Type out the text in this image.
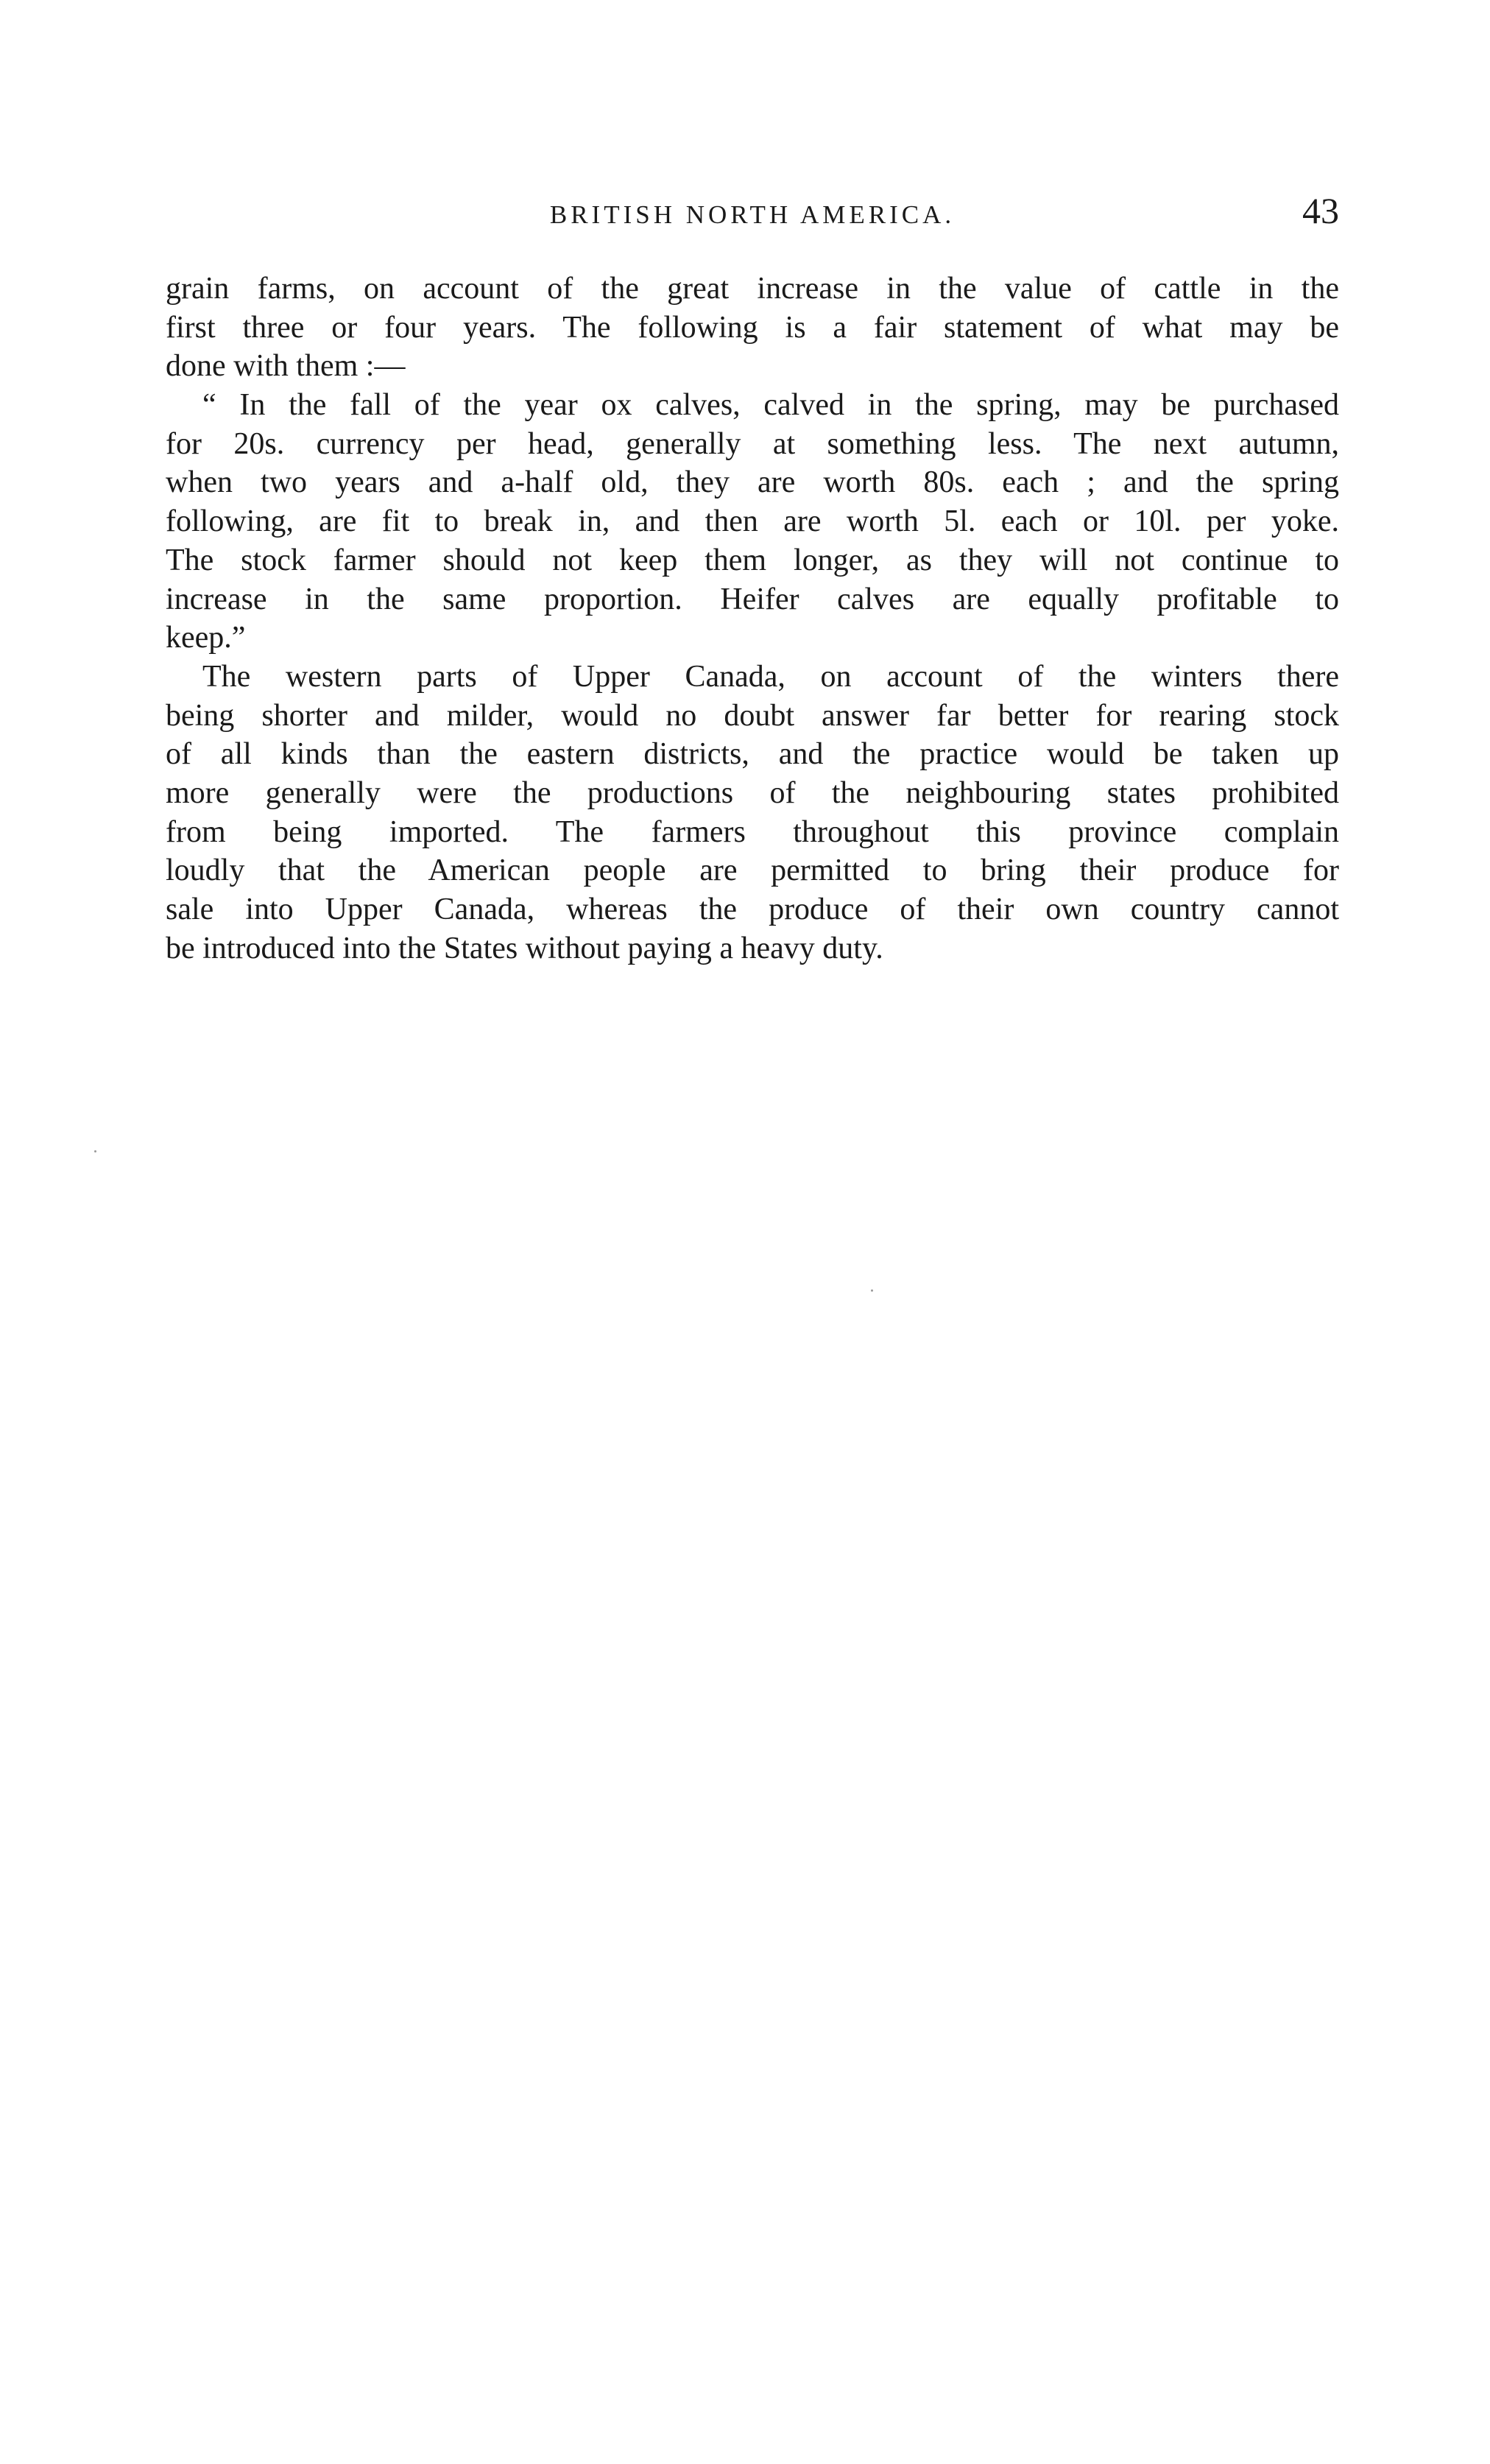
BRITISH NORTH AMERICA.	43
grain farms, on account of the great increase in the value of cattle in the
first three or four years. The following is a fair statement of what may be
done with them :—
“ In the fall of the year ox calves, calved in the spring, may be purchased
for 20s. currency per head, generally at something less. The next autumn,
when two years and a-half old, they are worth 80s. each ; and the spring
following, are fit to break in, and then are worth 5l. each or 10l. per yoke.
The stock farmer should not keep them longer, as they will not continue to
increase in the same proportion. Heifer calves are equally profitable to
keep.”
The western parts of Upper Canada, on account of the winters there
being shorter and milder, would no doubt answer far better for rearing stock
of all kinds than the eastern districts, and the practice would be taken up
more generally were the productions of the neighbouring states prohibited
from being imported. The farmers throughout this province complain
loudly that the American people are permitted to bring their produce for
sale into Upper Canada, whereas the produce of their own country cannot
be introduced into the States without paying a heavy duty.
